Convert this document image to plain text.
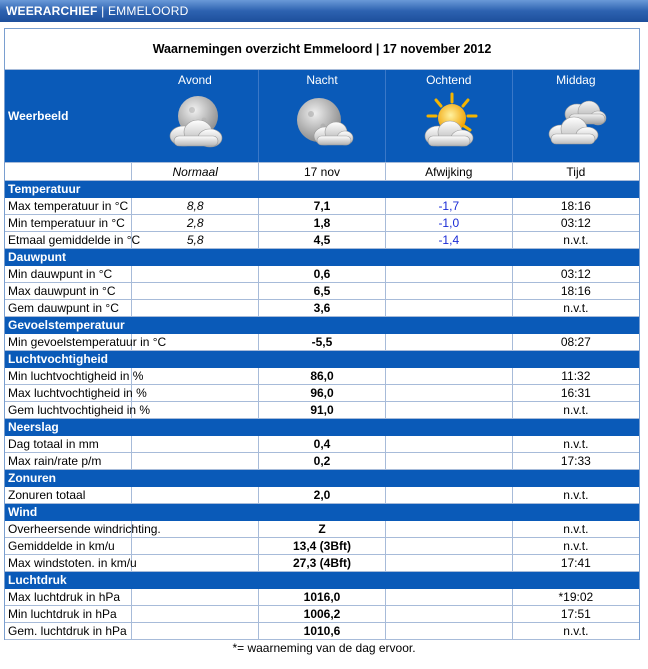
WEERARCHIEF | EMMELOORD
Waarnemingen overzicht Emmeloord | 17 november 2012				
Weerbeeld	Avond	Nacht	Ochtend	Middag

	Normaal	17 nov	Afwijking	Tijd
Temperatuur				
Max temperatuur in °C	8,8	7,1	-1,7	18:16
Min temperatuur in °C	2,8	1,8	-1,0	03:12
Etmaal gemiddelde in °C	5,8	4,5	-1,4	n.v.t.
Dauwpunt				
Min dauwpunt in °C		0,6		03:12
Max dauwpunt in °C		6,5		18:16
Gem dauwpunt in °C		3,6		n.v.t.
Gevoelstemperatuur				
Min gevoelstemperatuur in °C		-5,5		08:27
Luchtvochtigheid				
Min luchtvochtigheid in %		86,0		11:32
Max luchtvochtigheid in %		96,0		16:31
Gem luchtvochtigheid in %		91,0		n.v.t.
Neerslag				
Dag totaal in mm		0,4		n.v.t.
Max rain/rate p/m		0,2		17:33
Zonuren				
Zonuren totaal		2,0		n.v.t.
Wind				
Overheersende windrichting.		Z		n.v.t.
Gemiddelde in km/u		13,4 (3Bft)		n.v.t.
Max windstoten. in km/u		27,3 (4Bft)		17:41
Luchtdruk				
Max luchtdruk in hPa		1016,0		*19:02
Min luchtdruk in hPa		1006,2		17:51
Gem. luchtdruk in hPa		1010,6		n.v.t.
*= waarneming van de dag ervoor.
